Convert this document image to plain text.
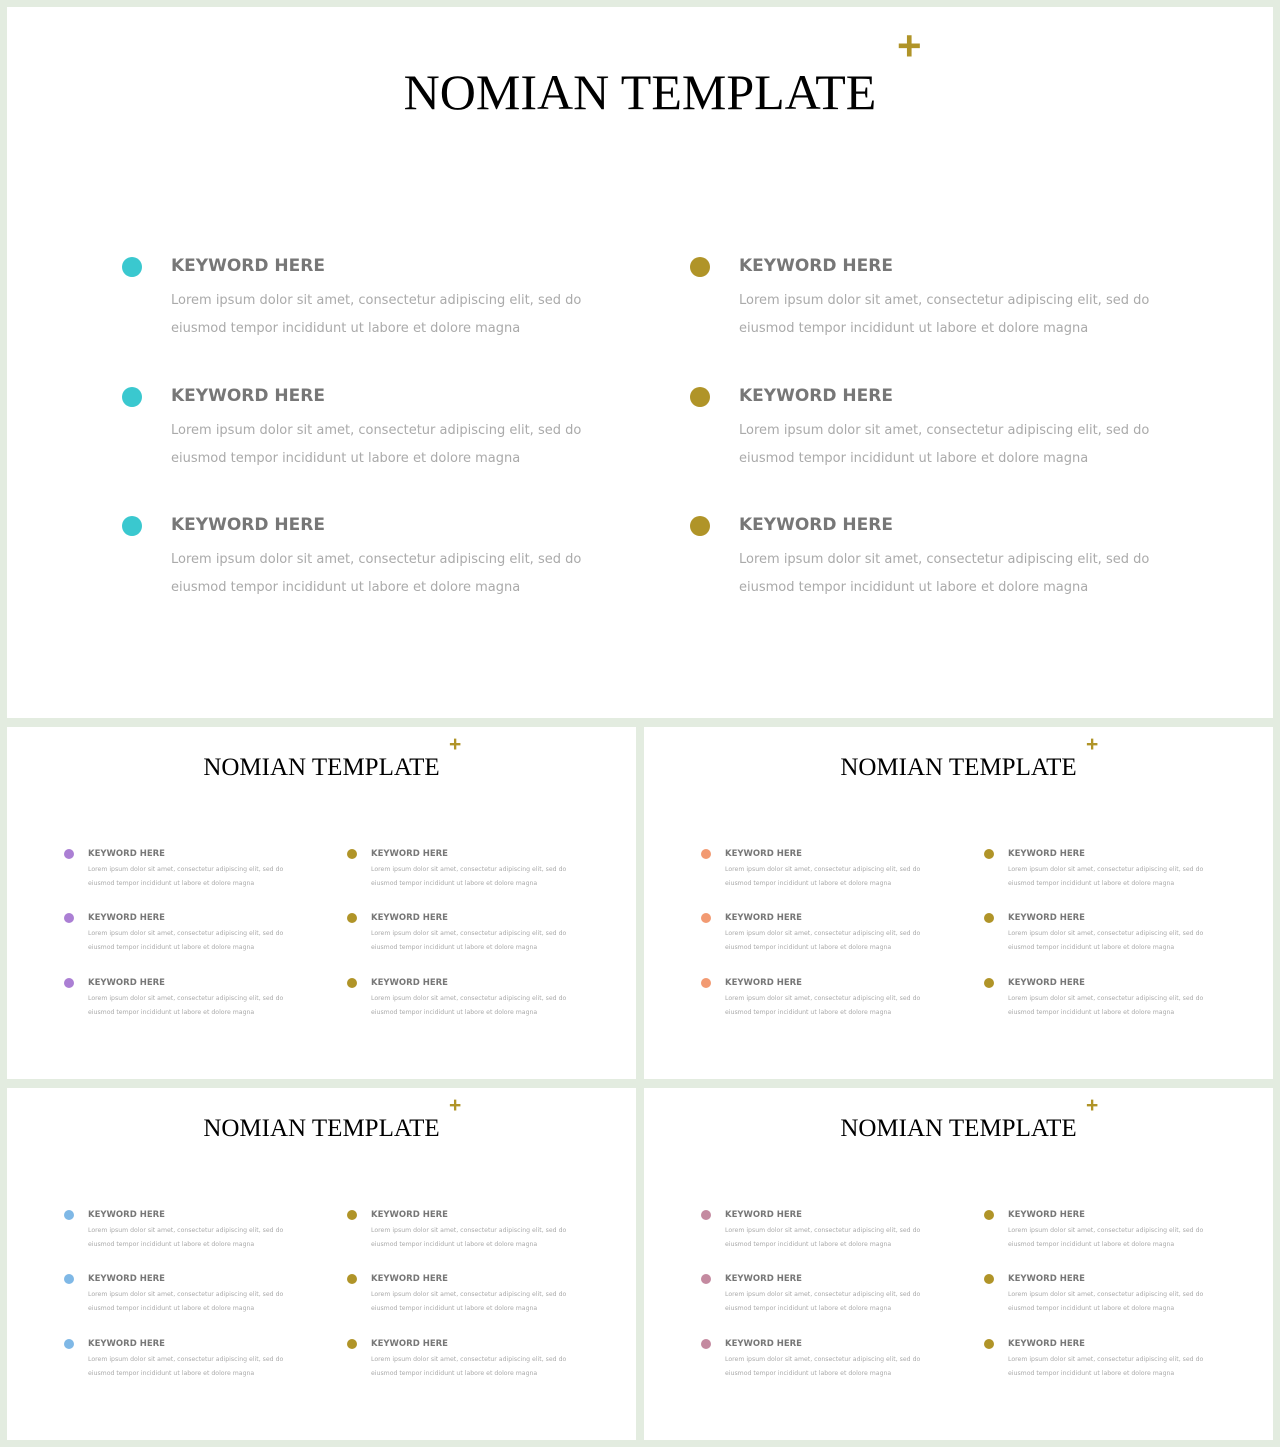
NOMIAN TEMPLATE
+
KEYWORD HERE
Lorem ipsum dolor sit amet, consectetur adipiscing elit, sed do
eiusmod tempor incididunt ut labore et dolore magna
KEYWORD HERE
Lorem ipsum dolor sit amet, consectetur adipiscing elit, sed do
eiusmod tempor incididunt ut labore et dolore magna
KEYWORD HERE
Lorem ipsum dolor sit amet, consectetur adipiscing elit, sed do
eiusmod tempor incididunt ut labore et dolore magna
KEYWORD HERE
Lorem ipsum dolor sit amet, consectetur adipiscing elit, sed do
eiusmod tempor incididunt ut labore et dolore magna
KEYWORD HERE
Lorem ipsum dolor sit amet, consectetur adipiscing elit, sed do
eiusmod tempor incididunt ut labore et dolore magna
KEYWORD HERE
Lorem ipsum dolor sit amet, consectetur adipiscing elit, sed do
eiusmod tempor incididunt ut labore et dolore magna
NOMIAN TEMPLATE
+
KEYWORD HERE
Lorem ipsum dolor sit amet, consectetur adipiscing elit, sed do
eiusmod tempor incididunt ut labore et dolore magna
KEYWORD HERE
Lorem ipsum dolor sit amet, consectetur adipiscing elit, sed do
eiusmod tempor incididunt ut labore et dolore magna
KEYWORD HERE
Lorem ipsum dolor sit amet, consectetur adipiscing elit, sed do
eiusmod tempor incididunt ut labore et dolore magna
KEYWORD HERE
Lorem ipsum dolor sit amet, consectetur adipiscing elit, sed do
eiusmod tempor incididunt ut labore et dolore magna
KEYWORD HERE
Lorem ipsum dolor sit amet, consectetur adipiscing elit, sed do
eiusmod tempor incididunt ut labore et dolore magna
KEYWORD HERE
Lorem ipsum dolor sit amet, consectetur adipiscing elit, sed do
eiusmod tempor incididunt ut labore et dolore magna
NOMIAN TEMPLATE
+
KEYWORD HERE
Lorem ipsum dolor sit amet, consectetur adipiscing elit, sed do
eiusmod tempor incididunt ut labore et dolore magna
KEYWORD HERE
Lorem ipsum dolor sit amet, consectetur adipiscing elit, sed do
eiusmod tempor incididunt ut labore et dolore magna
KEYWORD HERE
Lorem ipsum dolor sit amet, consectetur adipiscing elit, sed do
eiusmod tempor incididunt ut labore et dolore magna
KEYWORD HERE
Lorem ipsum dolor sit amet, consectetur adipiscing elit, sed do
eiusmod tempor incididunt ut labore et dolore magna
KEYWORD HERE
Lorem ipsum dolor sit amet, consectetur adipiscing elit, sed do
eiusmod tempor incididunt ut labore et dolore magna
KEYWORD HERE
Lorem ipsum dolor sit amet, consectetur adipiscing elit, sed do
eiusmod tempor incididunt ut labore et dolore magna
NOMIAN TEMPLATE
+
KEYWORD HERE
Lorem ipsum dolor sit amet, consectetur adipiscing elit, sed do
eiusmod tempor incididunt ut labore et dolore magna
KEYWORD HERE
Lorem ipsum dolor sit amet, consectetur adipiscing elit, sed do
eiusmod tempor incididunt ut labore et dolore magna
KEYWORD HERE
Lorem ipsum dolor sit amet, consectetur adipiscing elit, sed do
eiusmod tempor incididunt ut labore et dolore magna
KEYWORD HERE
Lorem ipsum dolor sit amet, consectetur adipiscing elit, sed do
eiusmod tempor incididunt ut labore et dolore magna
KEYWORD HERE
Lorem ipsum dolor sit amet, consectetur adipiscing elit, sed do
eiusmod tempor incididunt ut labore et dolore magna
KEYWORD HERE
Lorem ipsum dolor sit amet, consectetur adipiscing elit, sed do
eiusmod tempor incididunt ut labore et dolore magna
NOMIAN TEMPLATE
+
KEYWORD HERE
Lorem ipsum dolor sit amet, consectetur adipiscing elit, sed do
eiusmod tempor incididunt ut labore et dolore magna
KEYWORD HERE
Lorem ipsum dolor sit amet, consectetur adipiscing elit, sed do
eiusmod tempor incididunt ut labore et dolore magna
KEYWORD HERE
Lorem ipsum dolor sit amet, consectetur adipiscing elit, sed do
eiusmod tempor incididunt ut labore et dolore magna
KEYWORD HERE
Lorem ipsum dolor sit amet, consectetur adipiscing elit, sed do
eiusmod tempor incididunt ut labore et dolore magna
KEYWORD HERE
Lorem ipsum dolor sit amet, consectetur adipiscing elit, sed do
eiusmod tempor incididunt ut labore et dolore magna
KEYWORD HERE
Lorem ipsum dolor sit amet, consectetur adipiscing elit, sed do
eiusmod tempor incididunt ut labore et dolore magna
